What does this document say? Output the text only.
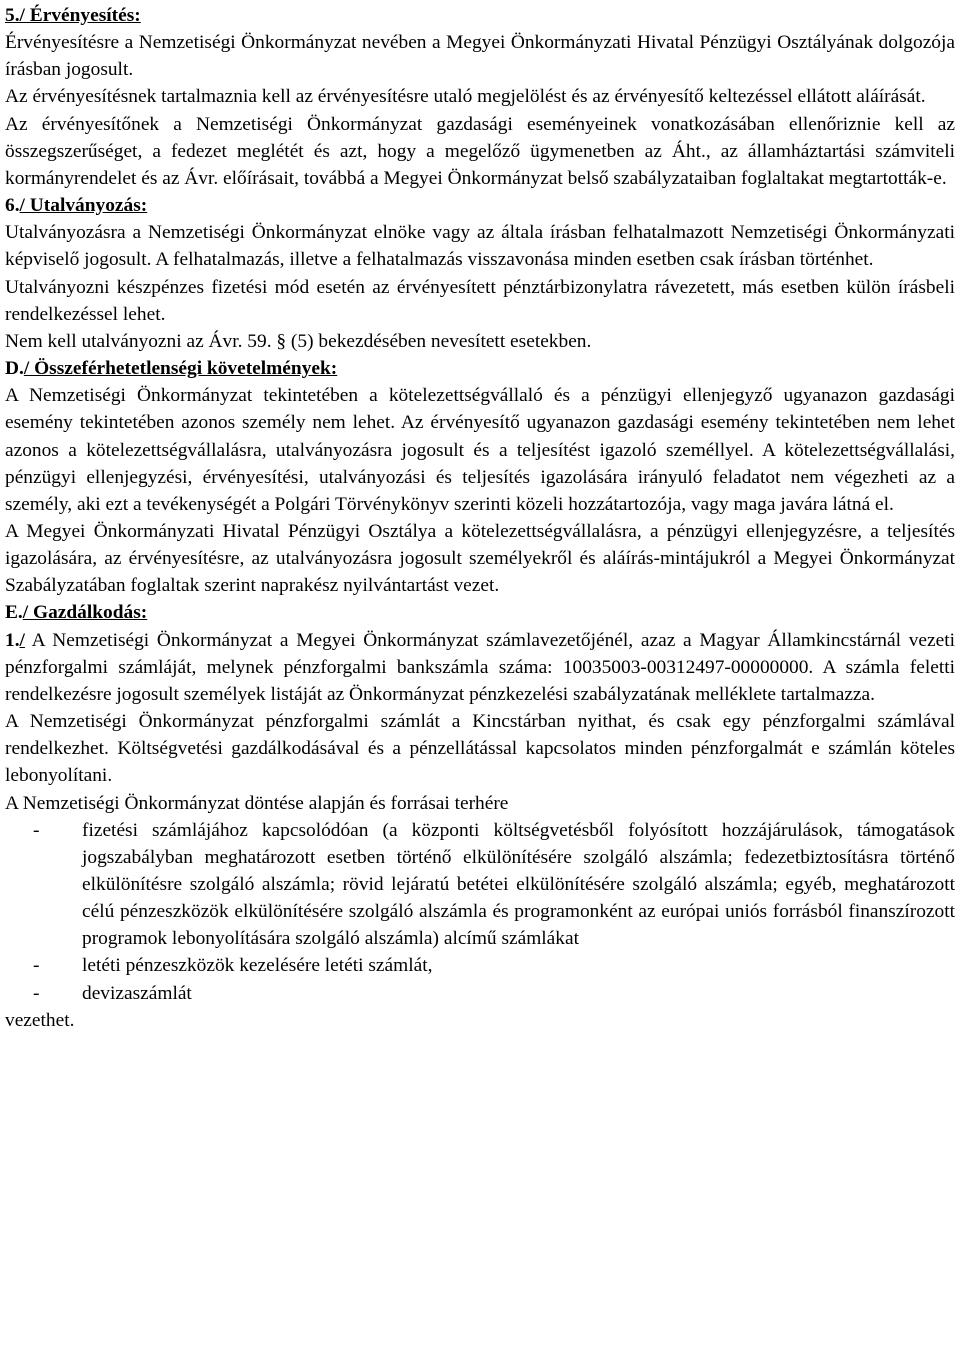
5./ Érvényesítés:
Érvényesítésre a Nemzetiségi Önkormányzat nevében a Megyei Önkormányzati Hivatal Pénzügyi Osztályának dolgozója írásban jogosult.
Az érvényesítésnek tartalmaznia kell az érvényesítésre utaló megjelölést és az érvényesítő keltezéssel ellátott aláírását.
Az érvényesítőnek a Nemzetiségi Önkormányzat gazdasági eseményeinek vonatkozásában ellenőriznie kell az összegszerűséget, a fedezet meglétét és azt, hogy a megelőző ügymenetben az Áht., az államháztartási számviteli kormányrendelet és az Ávr. előírásait, továbbá a Megyei Önkormányzat belső szabályzataiban foglaltakat megtartották-e.
6./ Utalványozás:
Utalványozásra a Nemzetiségi Önkormányzat elnöke vagy az általa írásban felhatalmazott Nemzetiségi Önkormányzati képviselő jogosult. A felhatalmazás, illetve a felhatalmazás visszavonása minden esetben csak írásban történhet.
Utalványozni készpénzes fizetési mód esetén az érvényesített pénztárbizonylatra rávezetett, más esetben külön írásbeli rendelkezéssel lehet.
Nem kell utalványozni az Ávr. 59. § (5) bekezdésében nevesített esetekben.
D./ Összeférhetetlenségi követelmények:
A Nemzetiségi Önkormányzat tekintetében a kötelezettségvállaló és a pénzügyi ellenjegyző ugyanazon gazdasági esemény tekintetében azonos személy nem lehet. Az érvényesítő ugyanazon gazdasági esemény tekintetében nem lehet azonos a kötelezettségvállalásra, utalványozásra jogosult és a teljesítést igazoló személlyel. A kötelezettségvállalási, pénzügyi ellenjegyzési, érvényesítési, utalványozási és teljesítés igazolására irányuló feladatot nem végezheti az a személy, aki ezt a tevékenységét a Polgári Törvénykönyv szerinti közeli hozzátartozója, vagy maga javára látná el.
A Megyei Önkormányzati Hivatal Pénzügyi Osztálya a kötelezettségvállalásra, a pénzügyi ellenjegyzésre, a teljesítés igazolására, az érvényesítésre, az utalványozásra jogosult személyekről és aláírás-mintájukról a Megyei Önkormányzat Szabályzatában foglaltak szerint naprakész nyilvántartást vezet.
E./ Gazdálkodás:
1./ A Nemzetiségi Önkormányzat a Megyei Önkormányzat számlavezetőjénél, azaz a Magyar Államkincstárnál vezeti pénzforgalmi számláját, melynek pénzforgalmi bankszámla száma: 10035003-00312497-00000000. A számla feletti rendelkezésre jogosult személyek listáját az Önkormányzat pénzkezelési szabályzatának melléklete tartalmazza.
A Nemzetiségi Önkormányzat pénzforgalmi számlát a Kincstárban nyithat, és csak egy pénzforgalmi számlával rendelkezhet. Költségvetési gazdálkodásával és a pénzellátással kapcsolatos minden pénzforgalmát e számlán köteles lebonyolítani.
A Nemzetiségi Önkormányzat döntése alapján és forrásai terhére
- fizetési számlájához kapcsolódóan (a központi költségvetésből folyósított hozzájárulások, támogatások jogszabályban meghatározott esetben történő elkülönítésére szolgáló alszámla; fedezetbiztosításra történő elkülönítésre szolgáló alszámla; rövid lejáratú betétei elkülönítésére szolgáló alszámla; egyéb, meghatározott célú pénzeszközök elkülönítésére szolgáló alszámla és programonként az európai uniós forrásból finanszírozott programok lebonyolítására szolgáló alszámla) alcímű számlákat
- letéti pénzeszközök kezelésére letéti számlát,
- devizaszámlát
vezethet.
